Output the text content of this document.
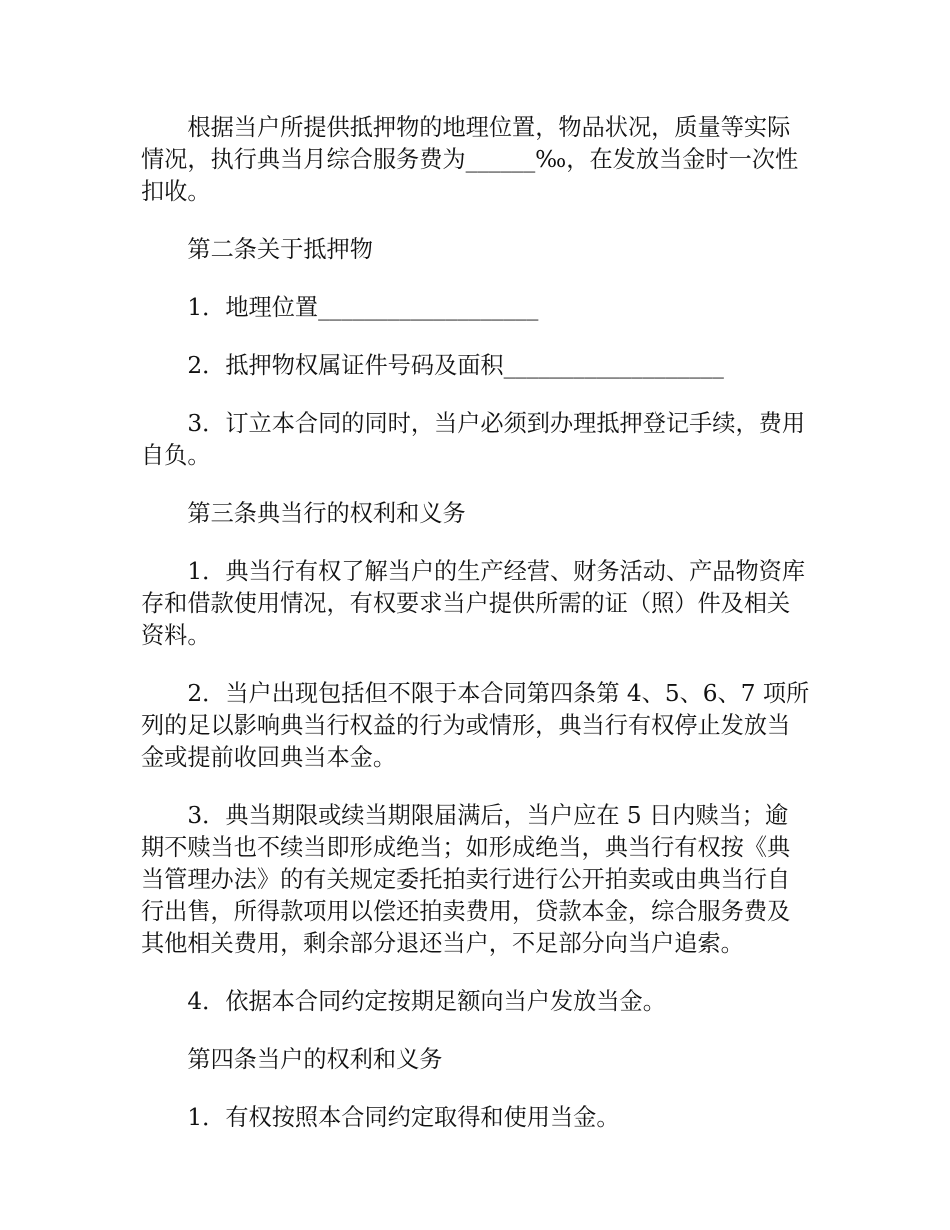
根据当户所提供抵押物的地理位置，物品状况，质量等实际情况，执行典当月综合服务费为______‰，在发放当金时一次性扣收。

第二条关于抵押物

1．地理位置___________________

2．抵押物权属证件号码及面积___________________

3．订立本合同的同时，当户必须到办理抵押登记手续，费用自负。

第三条典当行的权利和义务

1．典当行有权了解当户的生产经营、财务活动、产品物资库存和借款使用情况，有权要求当户提供所需的证（照）件及相关资料。

2．当户出现包括但不限于本合同第四条第 4、5、6、7 项所列的足以影响典当行权益的行为或情形，典当行有权停止发放当金或提前收回典当本金。

3．典当期限或续当期限届满后，当户应在 5 日内赎当；逾期不赎当也不续当即形成绝当；如形成绝当，典当行有权按《典当管理办法》的有关规定委托拍卖行进行公开拍卖或由典当行自行出售，所得款项用以偿还拍卖费用，贷款本金，综合服务费及其他相关费用，剩余部分退还当户，不足部分向当户追索。

4．依据本合同约定按期足额向当户发放当金。

第四条当户的权利和义务

1．有权按照本合同约定取得和使用当金。
